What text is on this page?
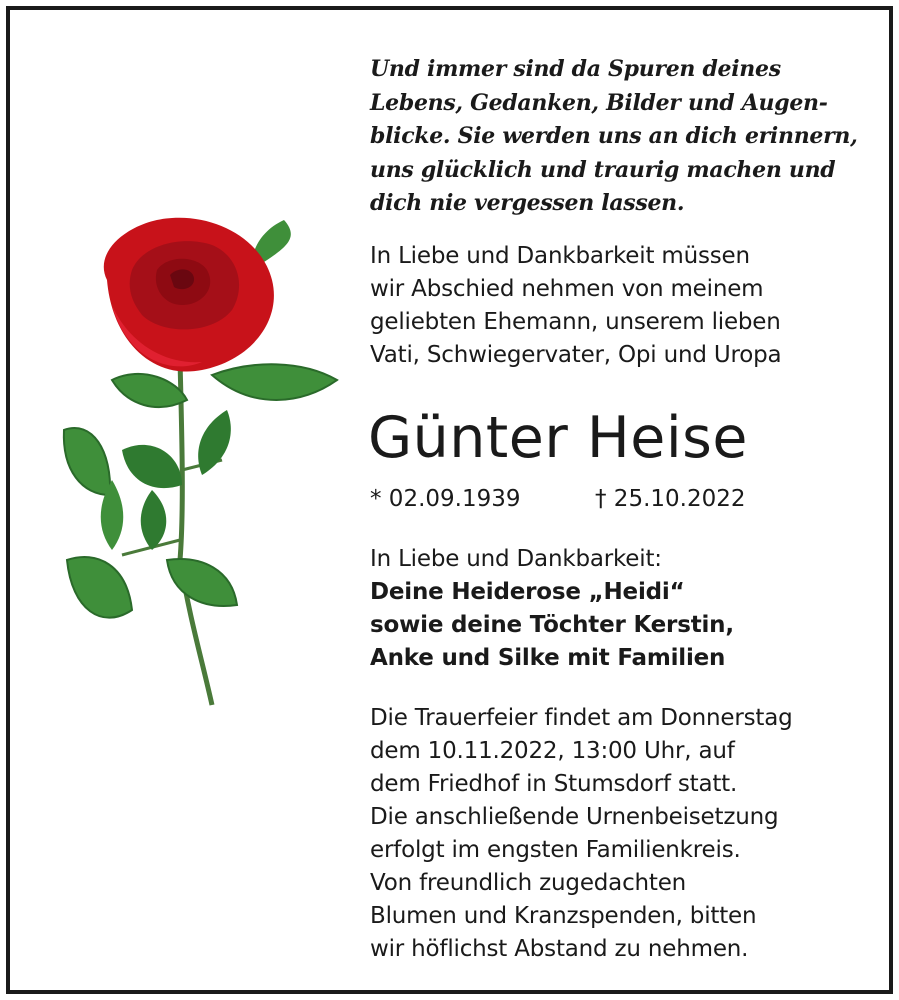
Und immer sind da Spuren deines
Lebens, Gedanken, Bilder und Augen-
blicke. Sie werden uns an dich erinnern,
uns glücklich und traurig machen und
dich nie vergessen lassen.

In Liebe und Dankbarkeit müssen
wir Abschied nehmen von meinem
geliebten Ehemann, unserem lieben
Vati, Schwiegervater, Opi und Uropa

Günter Heise
* 02.09.1939	† 25.10.2022

In Liebe und Dankbarkeit:
Deine Heiderose „Heidi“
sowie deine Töchter Kerstin,
Anke und Silke mit Familien

Die Trauerfeier findet am Donnerstag
dem 10.11.2022, 13:00 Uhr, auf
dem Friedhof in Stumsdorf statt.
Die anschließende Urnenbeisetzung
erfolgt im engsten Familienkreis.
Von freundlich zugedachten
Blumen und Kranzspenden, bitten
wir höflichst Abstand zu nehmen.
